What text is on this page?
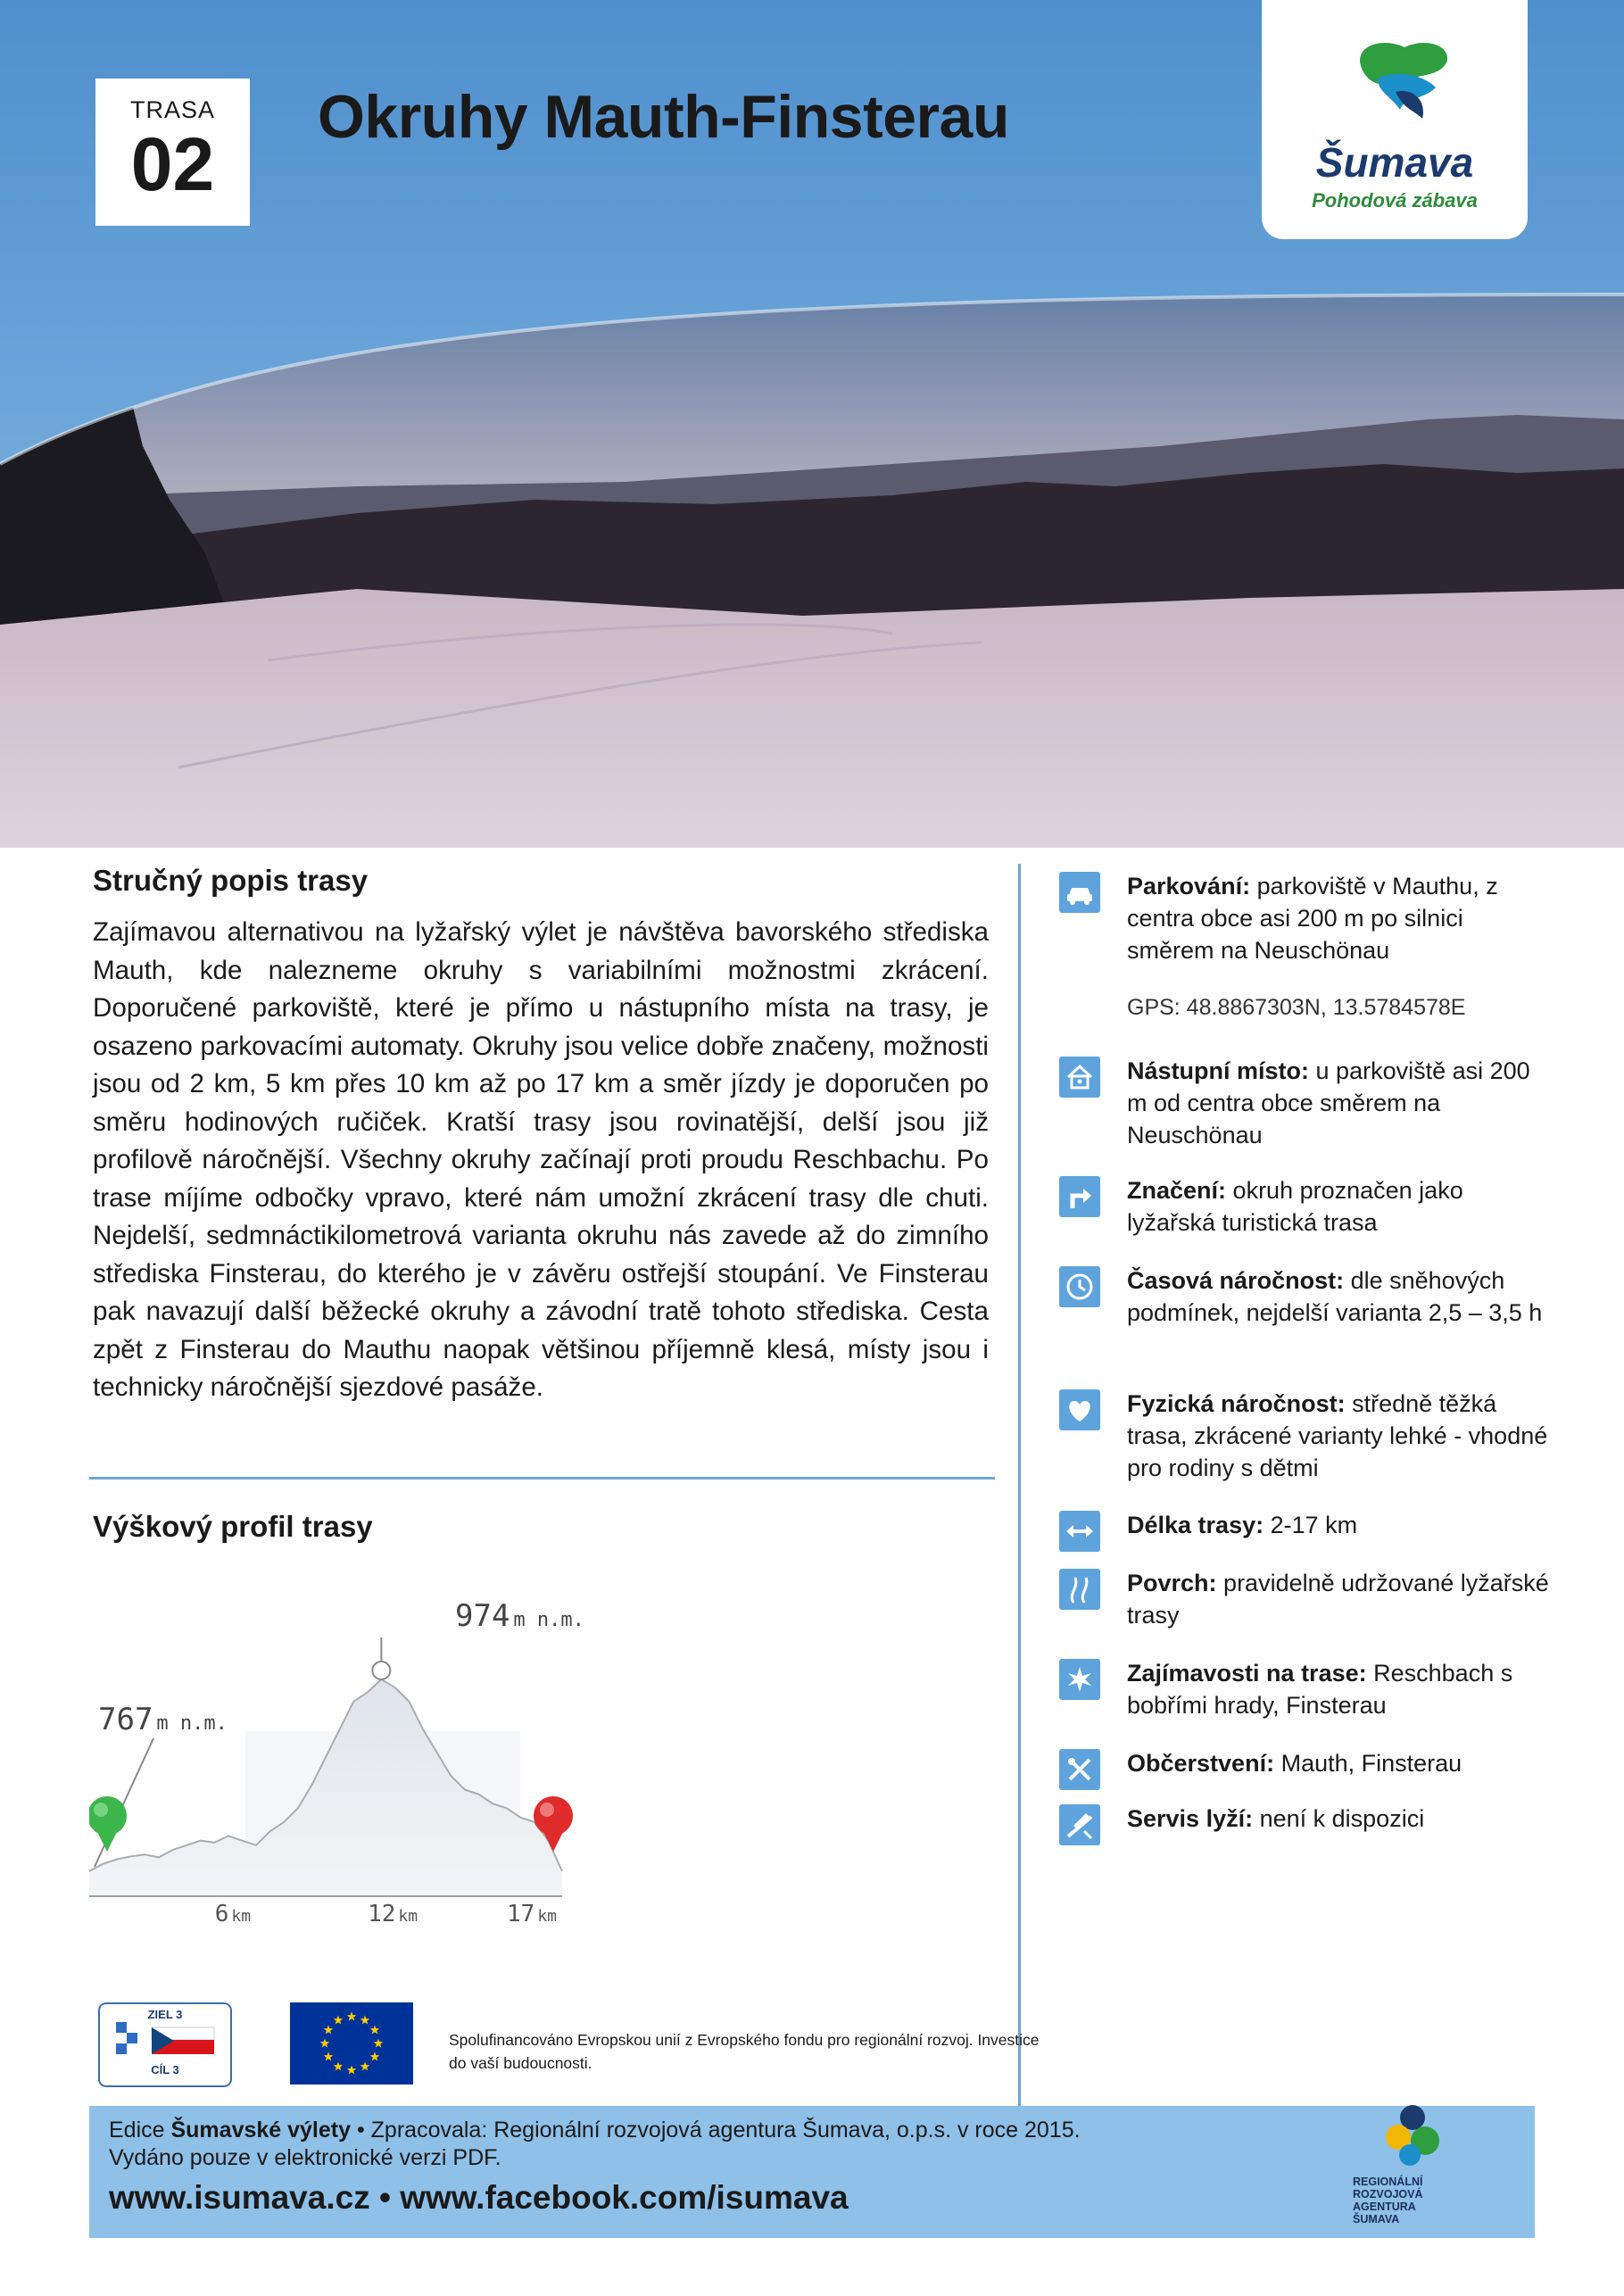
TRASA
02
Okruhy Mauth-Finsterau
Šumava
Pohodová zábava
Stručný popis trasy

Zajímavou alternativou na lyžařský výlet je návštěva bavorského střediska Mauth, kde nalezneme okruhy s variabilními možnostmi zkrácení. Doporučené parkoviště, které je přímo u nástupního místa na trasy, je osazeno parkovacími automaty. Okruhy jsou velice dobře značeny, možnosti jsou od 2 km, 5 km přes 10 km až po 17 km a směr jízdy je doporučen po směru hodinových ručiček. Kratší trasy jsou rovinatější, delší jsou již profilově náročnější. Všechny okruhy začínají proti proudu Reschbachu. Po trase míjíme odbočky vpravo, které nám umožní zkrácení trasy dle chuti. Nejdelší, sedmnáctikilometrová varianta okruhu nás zavede až do zimního střediska Finsterau, do kterého je v závěru ostřejší stoupání. Ve Finsterau pak navazují další běžecké okruhy a závodní tratě tohoto střediska. Cesta zpět z Finsterau do Mauthu naopak většinou příjemně klesá, místy jsou i technicky náročnější sjezdové pasáže.

Parkování: parkoviště v Mauthu, z centra obce asi 200 m po silnici směrem na Neuschönau
GPS: 48.8867303N, 13.5784578E
Nástupní místo: u parkoviště asi 200 m od centra obce směrem na Neuschönau
Značení: okruh proznačen jako lyžařská turistická trasa
Časová náročnost: dle sněhových podmínek, nejdelší varianta 2,5 – 3,5 h
Fyzická náročnost: středně těžká trasa, zkrácené varianty lehké - vhodné pro rodiny s dětmi
Délka trasy: 2-17 km
Povrch: pravidelně udržované lyžařské trasy
Zajímavosti na trase: Reschbach s bobřími hrady, Finsterau
Občerstvení: Mauth, Finsterau
Servis lyží: není k dispozici
Výškový profil trasy
6 km	12 km	17 km
767 m n.m.
974 m n.m.
ZIEL 3
CÍL 3
Spolufinancováno Evropskou unií z Evropského fondu pro regionální rozvoj. Investice do vaší budoucnosti.
Edice Šumavské výlety • Zpracovala: Regionální rozvojová agentura Šumava, o.p.s. v roce 2015.
Vydáno pouze v elektronické verzi PDF.
www.isumava.cz • www.facebook.com/isumava	REGIONÁLNÍ
ROZVOJOVÁ
AGENTURA
ŠUMAVA
